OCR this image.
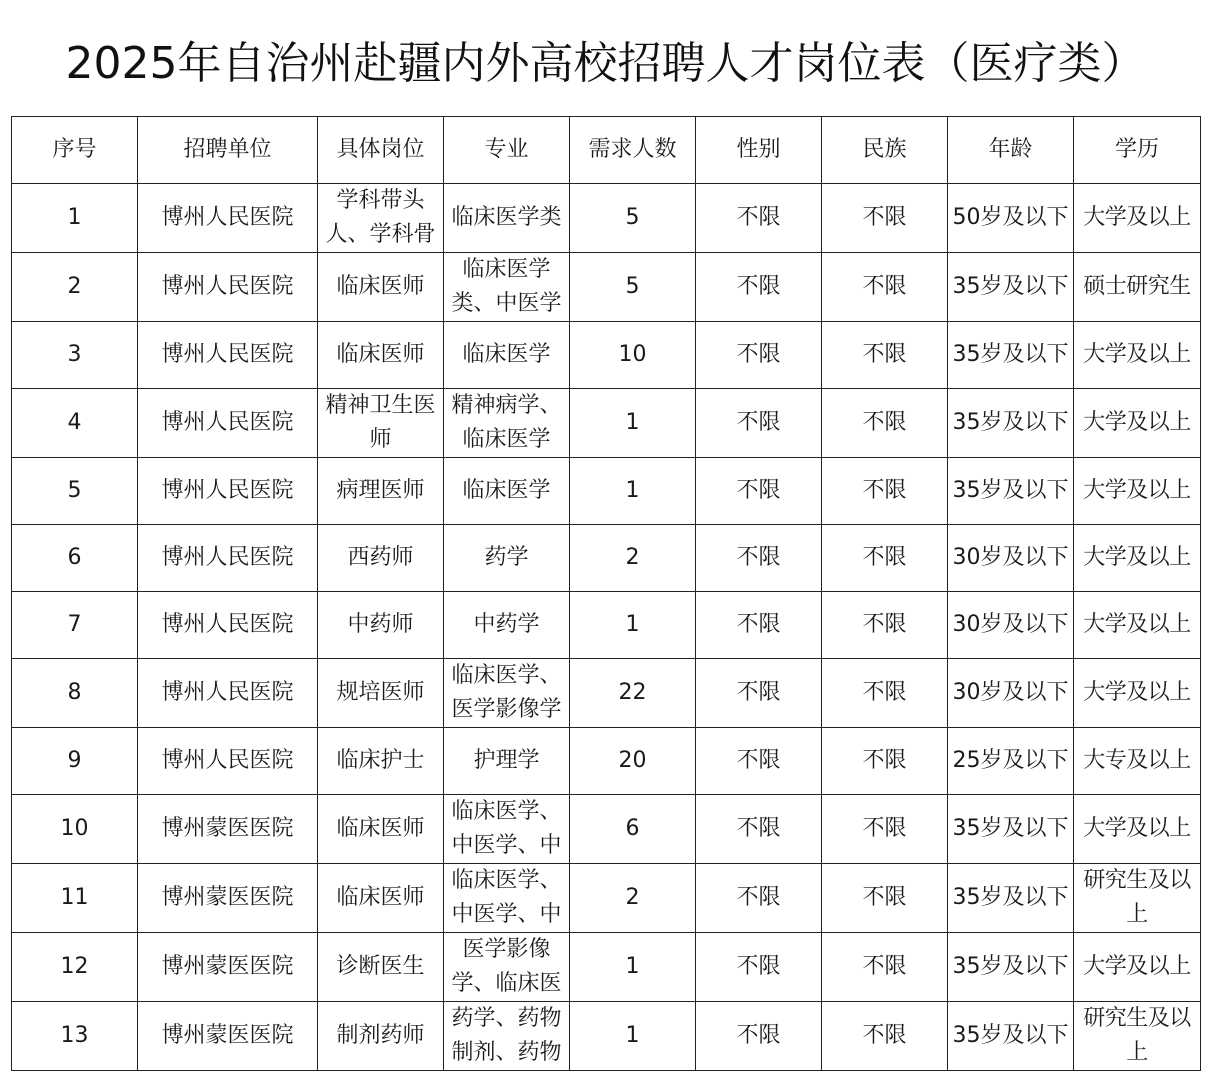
2025年自治州赴疆内外高校招聘人才岗位表（医疗类）
序号	招聘单位	具体岗位	专业	需求人数	性别	民族	年龄	学历

1	博州人民医院	学科带头人、学科骨	临床医学类	5	不限	不限	50岁及以下	大学及以上

2	博州人民医院	临床医师	临床医学类、中医学	5	不限	不限	35岁及以下	硕士研究生

3	博州人民医院	临床医师	临床医学	10	不限	不限	35岁及以下	大学及以上

4	博州人民医院	精神卫生医师	精神病学、临床医学	1	不限	不限	35岁及以下	大学及以上

5	博州人民医院	病理医师	临床医学	1	不限	不限	35岁及以下	大学及以上

6	博州人民医院	西药师	药学	2	不限	不限	30岁及以下	大学及以上

7	博州人民医院	中药师	中药学	1	不限	不限	30岁及以下	大学及以上

8	博州人民医院	规培医师	临床医学、医学影像学	22	不限	不限	30岁及以下	大学及以上

9	博州人民医院	临床护士	护理学	20	不限	不限	25岁及以下	大专及以上

10	博州蒙医医院	临床医师	临床医学、中医学、中	6	不限	不限	35岁及以下	大学及以上

11	博州蒙医医院	临床医师	临床医学、中医学、中	2	不限	不限	35岁及以下	研究生及以上

12	博州蒙医医院	诊断医生	医学影像学、临床医	1	不限	不限	35岁及以下	大学及以上

13	博州蒙医医院	制剂药师	药学、药物制剂、药物	1	不限	不限	35岁及以下	研究生及以上
